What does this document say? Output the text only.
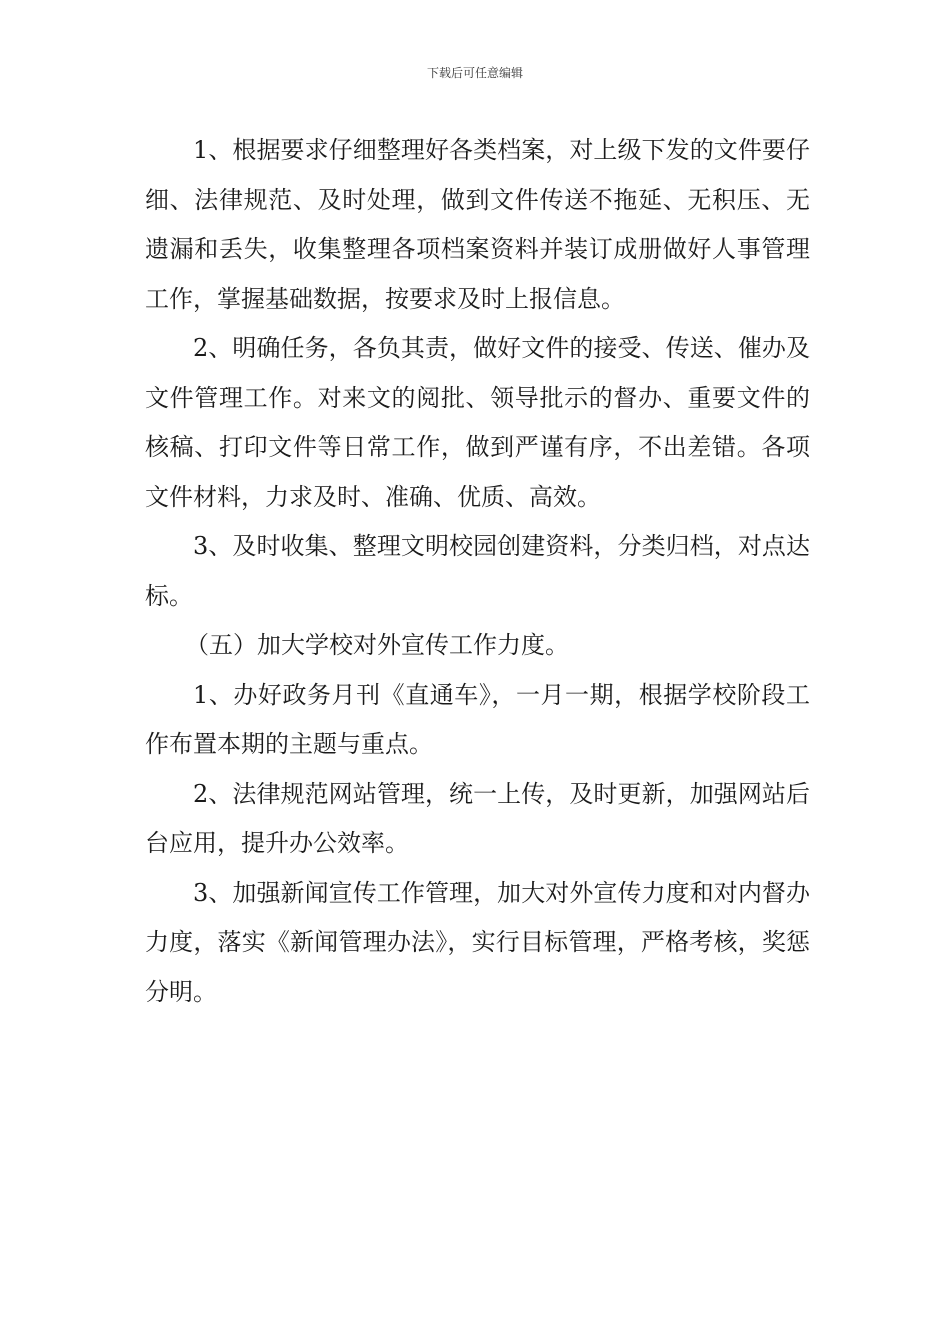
下载后可任意编辑

1、根据要求仔细整理好各类档案，对上级下发的文件要仔细、法律规范、及时处理，做到文件传送不拖延、无积压、无遗漏和丢失，收集整理各项档案资料并装订成册做好人事管理工作，掌握基础数据，按要求及时上报信息。

2、明确任务，各负其责，做好文件的接受、传送、催办及文件管理工作。对来文的阅批、领导批示的督办、重要文件的核稿、打印文件等日常工作，做到严谨有序，不出差错。各项文件材料，力求及时、准确、优质、高效。

3、及时收集、整理文明校园创建资料，分类归档，对点达标。

（五）加大学校对外宣传工作力度。

1、办好政务月刊《直通车》，一月一期，根据学校阶段工作布置本期的主题与重点。

2、法律规范网站管理，统一上传，及时更新，加强网站后台应用，提升办公效率。

3、加强新闻宣传工作管理，加大对外宣传力度和对内督办力度，落实《新闻管理办法》，实行目标管理，严格考核，奖惩分明。
